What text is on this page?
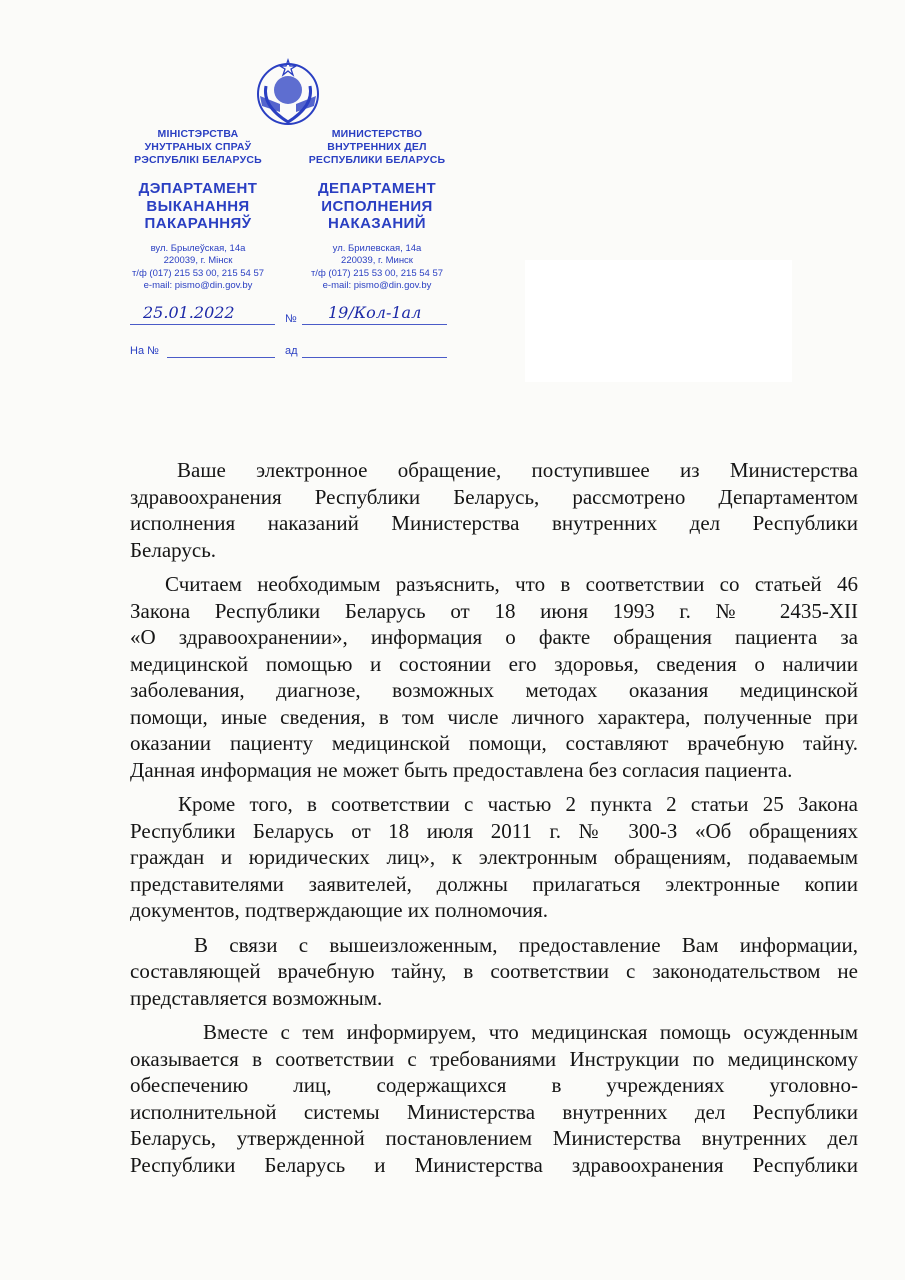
МІНІСТЭРСТВА
УНУТРАНЫХ СПРАЎ
РЭСПУБЛІКІ БЕЛАРУСЬ
ДЭПАРТАМЕНТ
ВЫКАНАННЯ
ПАКАРАННЯЎ
вул. Брылеўская, 14а
220039, г. Мінск
т/ф (017) 215 53 00, 215 54 57
e-mail: pismo@din.gov.by
МИНИСТЕРСТВО
ВНУТРЕННИХ ДЕЛ
РЕСПУБЛИКИ БЕЛАРУСЬ
ДЕПАРТАМЕНТ
ИСПОЛНЕНИЯ
НАКАЗАНИЙ
ул. Брилевская, 14а
220039, г. Минск
т/ф (017) 215 53 00, 215 54 57
e-mail: pismo@din.gov.by
25.01.2022	№ 19/Кол-1ал
На №	ад
Ваше электронное обращение, поступившее из Министерства
здравоохранения Республики Беларусь, рассмотрено Департаментом
исполнения наказаний Министерства внутренних дел Республики
Беларусь.
Считаем необходимым разъяснить, что в соответствии со статьей 46
Закона Республики Беларусь от 18 июня 1993 г. № 2435-XII
«О здравоохранении», информация о факте обращения пациента за
медицинской помощью и состоянии его здоровья, сведения о наличии
заболевания, диагнозе, возможных методах оказания медицинской
помощи, иные сведения, в том числе личного характера, полученные при
оказании пациенту медицинской помощи, составляют врачебную тайну.
Данная информация не может быть предоставлена без согласия пациента.
Кроме того, в соответствии с частью 2 пункта 2 статьи 25 Закона
Республики Беларусь от 18 июля 2011 г. № 300-З «Об обращениях
граждан и юридических лиц», к электронным обращениям, подаваемым
представителями заявителей, должны прилагаться электронные копии
документов, подтверждающие их полномочия.
В связи с вышеизложенным, предоставление Вам информации,
составляющей врачебную тайну, в соответствии с законодательством не
представляется возможным.
Вместе с тем информируем, что медицинская помощь осужденным
оказывается в соответствии с требованиями Инструкции по медицинскому
обеспечению лиц, содержащихся в учреждениях уголовно-
исполнительной системы Министерства внутренних дел Республики
Беларусь, утвержденной постановлением Министерства внутренних дел
Республики Беларусь и Министерства здравоохранения Республики
